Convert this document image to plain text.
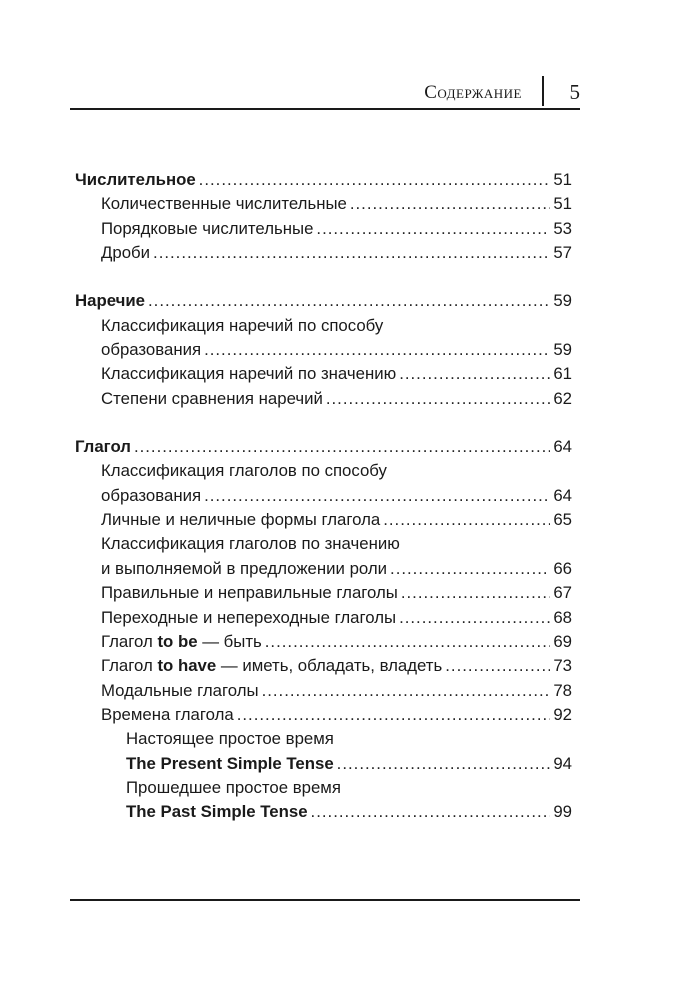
Содержание 5
Числительное .....	51
Количественные числительные .....	51
Порядковые числительные .....	53
Дроби .....	57
Наречие .....	59
Классификация наречий по способу
образования .....	59
Классификация наречий по значению .....	61
Степени сравнения наречий .....	62
Глагол .....	64
Классификация глаголов по способу
образования .....	64
Личные и неличные формы глагола .....	65
Классификация глаголов по значению
и выполняемой в предложении роли .....	66
Правильные и неправильные глаголы .....	67
Переходные и непереходные глаголы .....	68
Глагол to be — быть .....	69
Глагол to have — иметь, обладать, владеть .....	73
Модальные глаголы .....	78
Времена глагола .....	92
Настоящее простое время
The Present Simple Tense .....	94
Прошедшее простое время
The Past Simple Tense .....	99
